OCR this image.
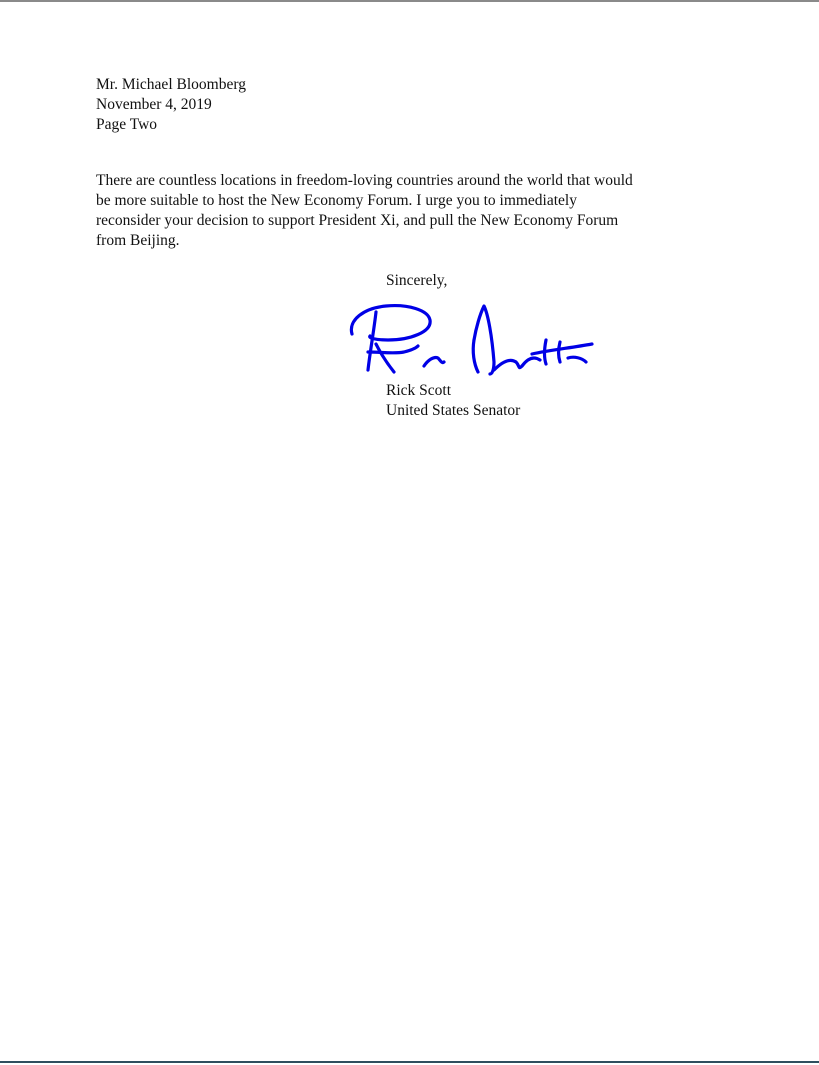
Mr. Michael Bloomberg
November 4, 2019
Page Two
There are countless locations in freedom-loving countries around the world that would
be more suitable to host the New Economy Forum. I urge you to immediately
reconsider your decision to support President Xi, and pull the New Economy Forum
from Beijing.
Sincerely,
Rick Scott
United States Senator
